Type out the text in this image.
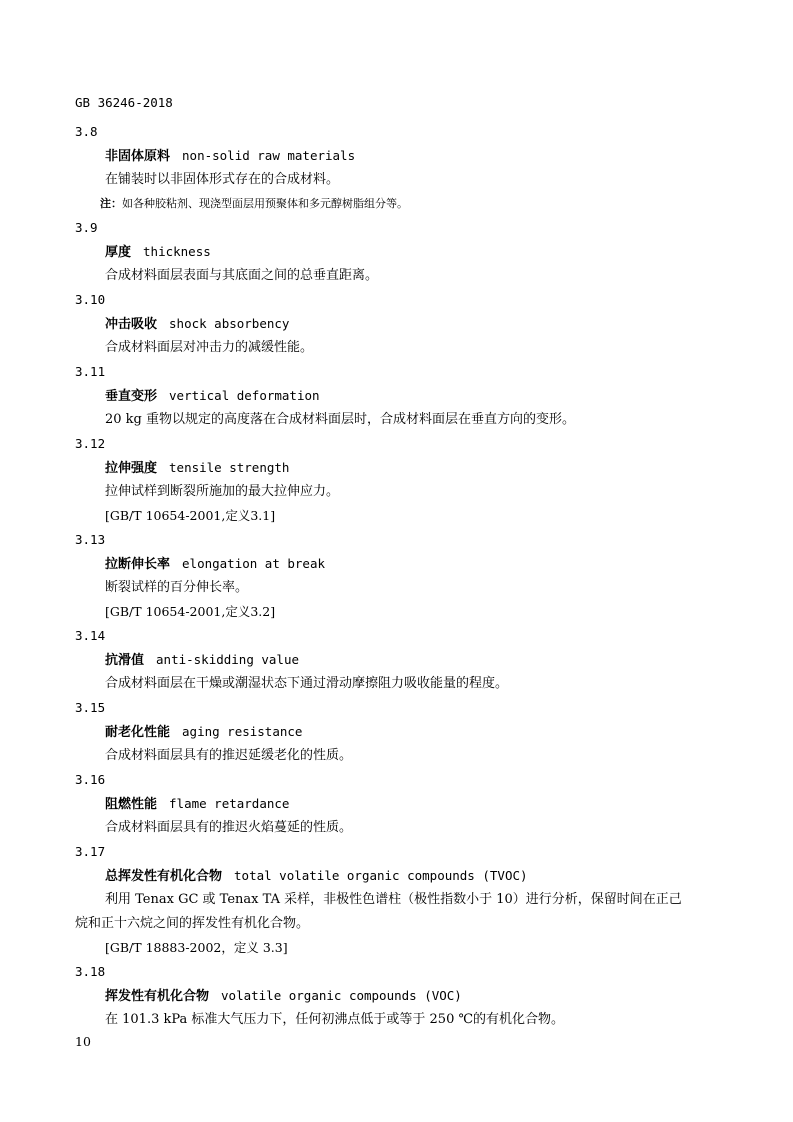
GB 36246-2018
3.8
非固体原料 non-solid raw materials
在铺装时以非固体形式存在的合成材料。
注：如各种胶粘剂、现浇型面层用预聚体和多元醇树脂组分等。
3.9
厚度 thickness
合成材料面层表面与其底面之间的总垂直距离。
3.10
冲击吸收 shock absorbency
合成材料面层对冲击力的减缓性能。
3.11
垂直变形 vertical deformation
20 kg 重物以规定的高度落在合成材料面层时，合成材料面层在垂直方向的变形。
3.12
拉伸强度 tensile strength
拉伸试样到断裂所施加的最大拉伸应力。
[GB/T 10654-2001,定义3.1]
3.13
拉断伸长率 elongation at break
断裂试样的百分伸长率。
[GB/T 10654-2001,定义3.2]
3.14
抗滑值 anti-skidding value
合成材料面层在干燥或潮湿状态下通过滑动摩擦阻力吸收能量的程度。
3.15
耐老化性能 aging resistance
合成材料面层具有的推迟延缓老化的性质。
3.16
阻燃性能 flame retardance
合成材料面层具有的推迟火焰蔓延的性质。
3.17
总挥发性有机化合物 total volatile organic compounds (TVOC)
利用 Tenax GC 或 Tenax TA 采样，非极性色谱柱（极性指数小于 10）进行分析，保留时间在正己
烷和正十六烷之间的挥发性有机化合物。
[GB/T 18883-2002，定义 3.3]
3.18
挥发性有机化合物 volatile organic compounds (VOC)
在 101.3 kPa 标准大气压力下，任何初沸点低于或等于 250 ℃的有机化合物。
10
